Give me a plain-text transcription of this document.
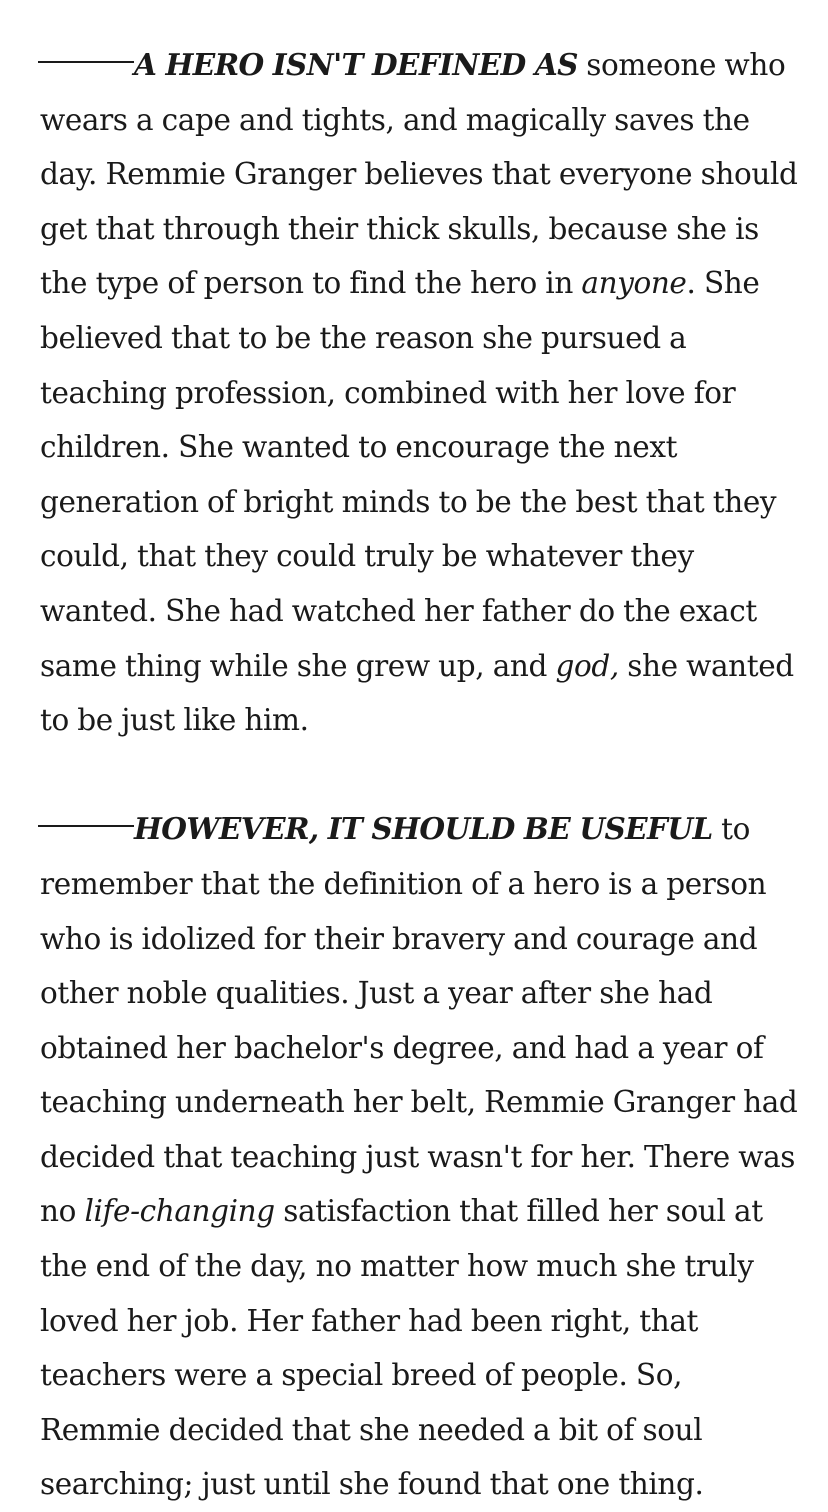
A HERO ISN'T DEFINED AS someone who wears a cape and tights, and magically saves the day. Remmie Granger believes that everyone should get that through their thick skulls, because she is the type of person to find the hero in anyone. She believed that to be the reason she pursued a teaching profession, combined with her love for children. She wanted to encourage the next generation of bright minds to be the best that they could, that they could truly be whatever they wanted. She had watched her father do the exact same thing while she grew up, and god, she wanted to be just like him.

HOWEVER, IT SHOULD BE USEFUL to remember that the definition of a hero is a person who is idolized for their bravery and courage and other noble qualities. Just a year after she had obtained her bachelor's degree, and had a year of teaching underneath her belt, Remmie Granger had decided that teaching just wasn't for her. There was no life-changing satisfaction that filled her soul at the end of the day, no matter how much she truly loved her job. Her father had been right, that teachers were a special breed of people. So, Remmie decided that she needed a bit of soul searching; just until she found that one thing.
